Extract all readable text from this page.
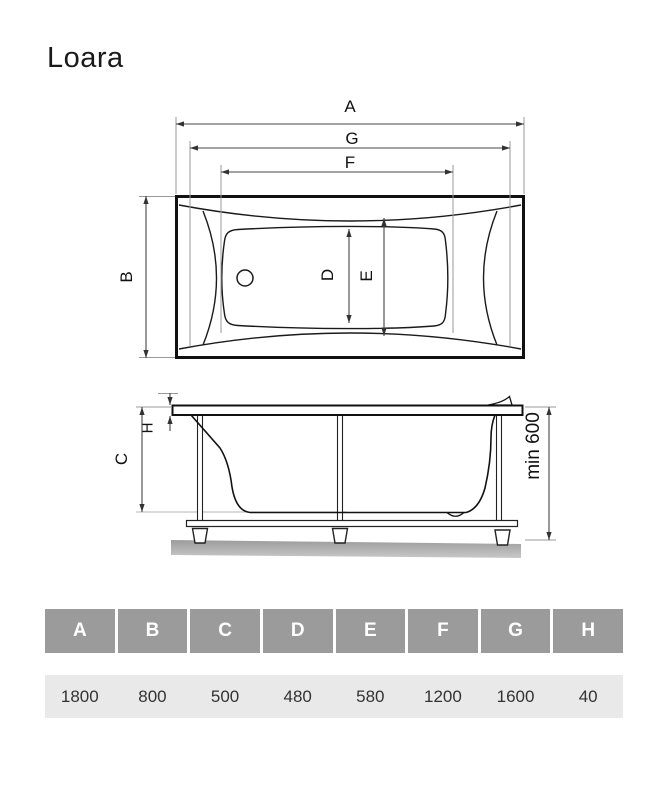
Loara
A
G
F
B	D E
C
H	min 600
A	B	C	D	E	F	G	H
1800	800	500	480	580	1200	1600	40
